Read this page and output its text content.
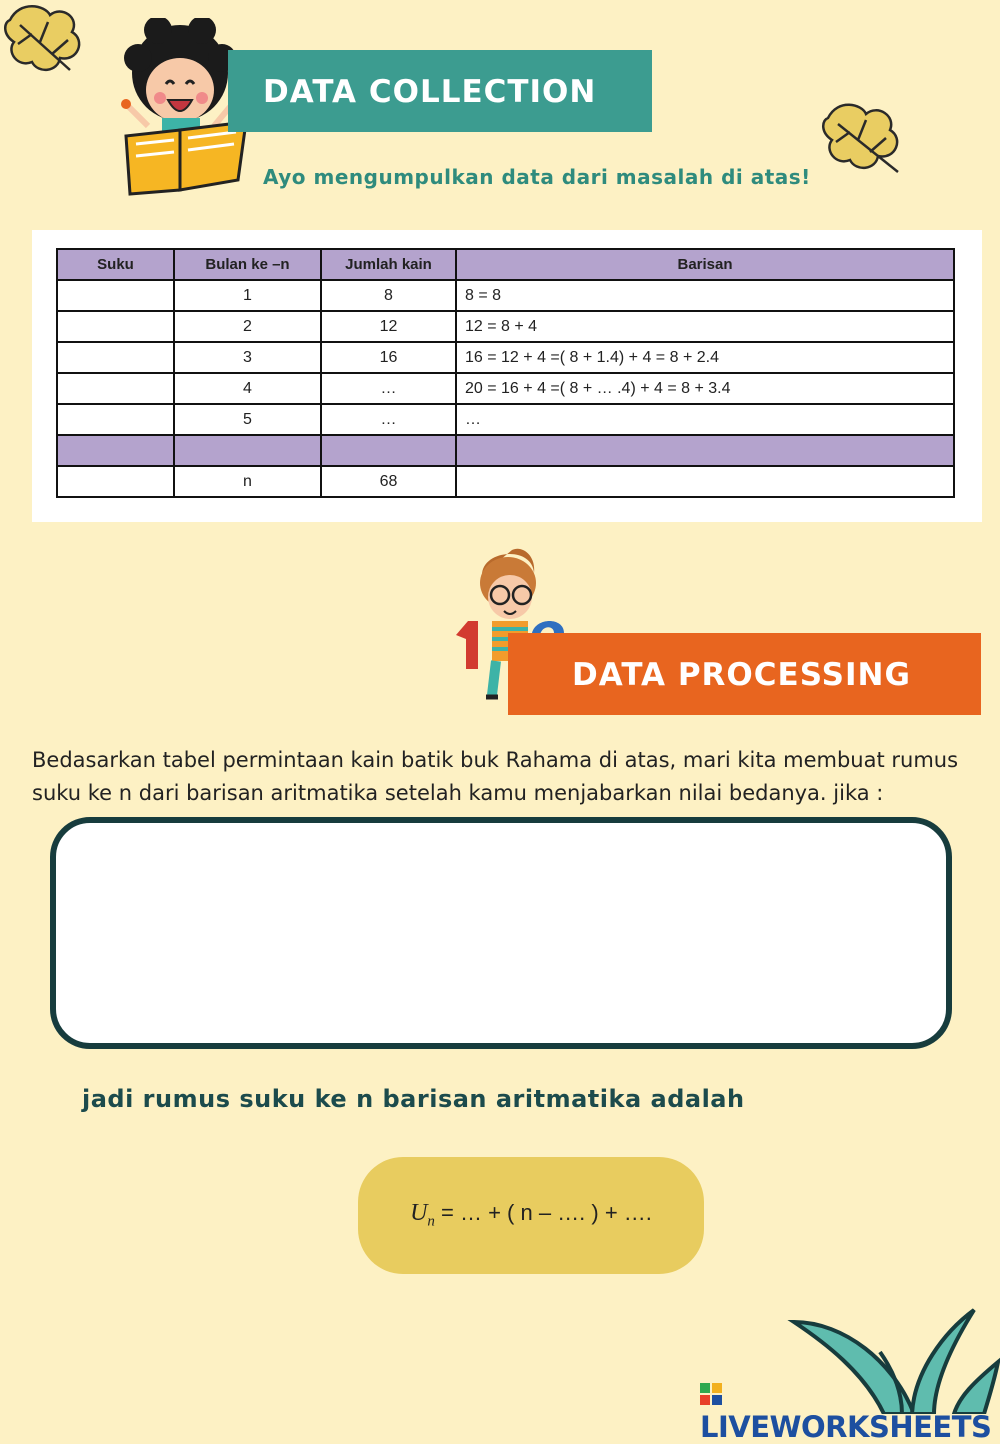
DATA COLLECTION
Ayo mengumpulkan data dari masalah di atas!
Suku	Bulan ke –n	Jumlah kain	Barisan
	1	8	8 = 8
	2	12	12 = 8 + 4
	3	16	16 = 12 + 4 =( 8 + 1.4) + 4 = 8 + 2.4
	4	…	20 = 16 + 4 =( 8 + … .4) + 4 = 8 + 3.4
	5	…	…

	n	68	
DATA PROCESSING
Bedasarkan tabel permintaan kain batik buk Rahama di atas, mari kita membuat rumus suku ke n dari barisan aritmatika setelah kamu menjabarkan nilai bedanya. jika :
jadi rumus suku ke n barisan aritmatika adalah
$U_n$ = … + ( n – …. ) + ….
LIVEWORKSHEETS
